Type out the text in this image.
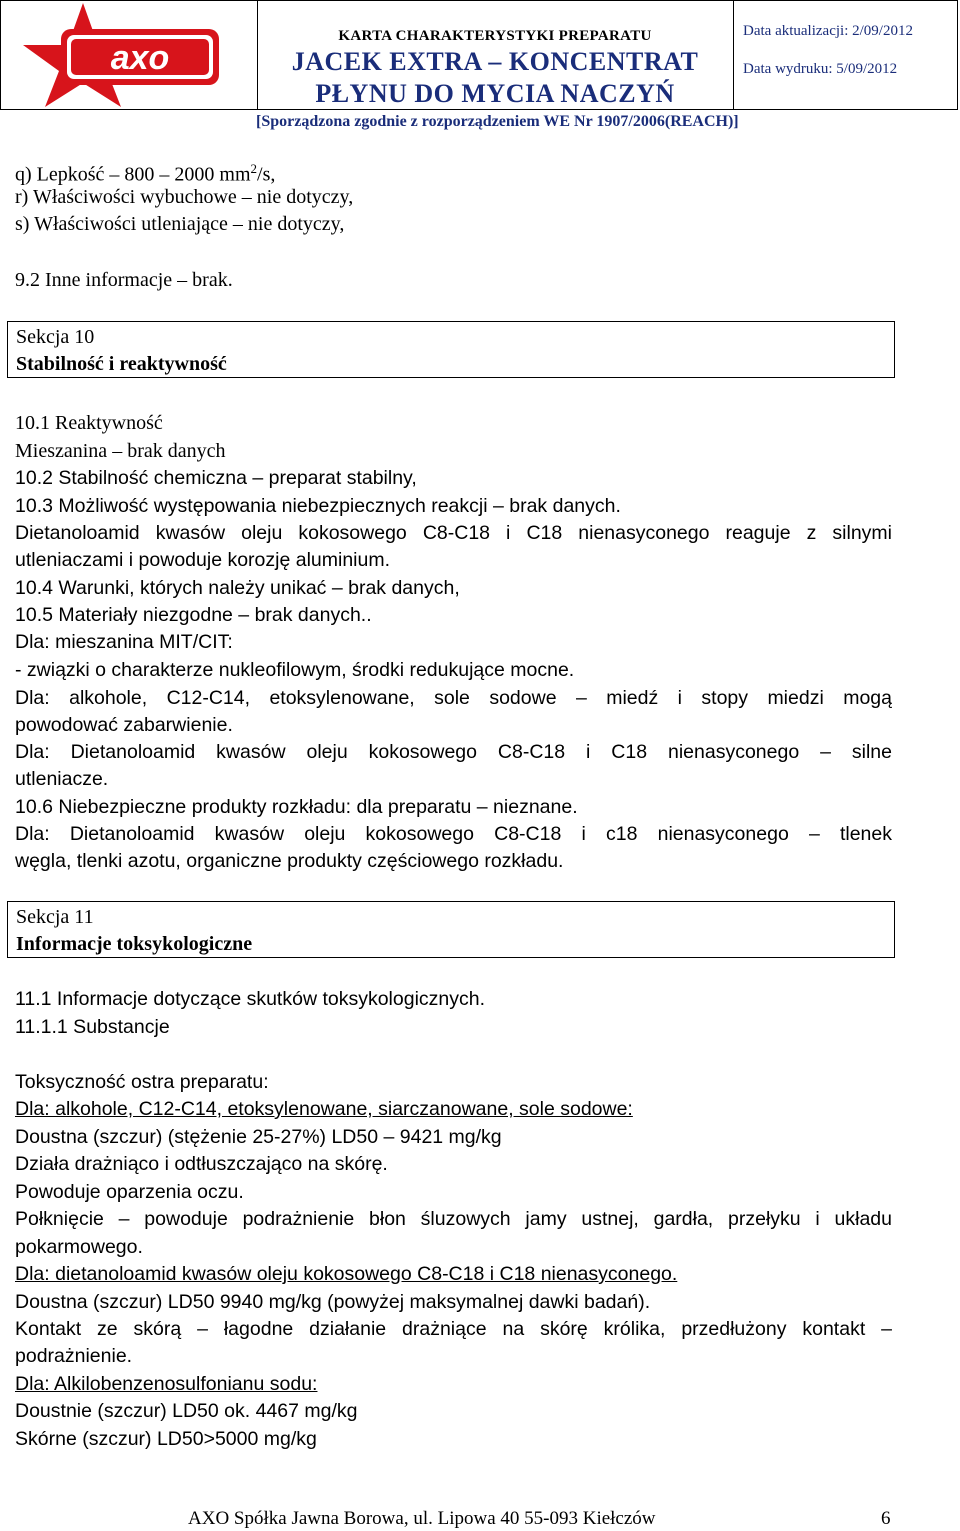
axo
KARTA CHARAKTERYSTYKI PREPARATU
JACEK EXTRA – KONCENTRAT
PŁYNU DO MYCIA NACZYŃ
Data aktualizacji: 2/09/2012
Data wydruku: 5/09/2012
[Sporządzona zgodnie z rozporządzeniem WE Nr 1907/2006(REACH)]
q) Lepkość – 800 – 2000 $mm^2/s$,
r) Właściwości wybuchowe – nie dotyczy,
s) Właściwości utleniające – nie dotyczy,
9.2 Inne informacje – brak.
Sekcja 10
Stabilność i reaktywność
10.1 Reaktywność
Mieszanina – brak danych
10.2 Stabilność chemiczna – preparat stabilny,
10.3 Możliwość występowania niebezpiecznych reakcji – brak danych.
Dietanoloamid kwasów oleju kokosowego C8-C18 i C18 nienasyconego reaguje z silnymi
utleniaczami i powoduje korozję aluminium.
10.4 Warunki, których należy unikać – brak danych,
10.5 Materiały niezgodne – brak danych..
Dla: mieszanina MIT/CIT:
- związki o charakterze nukleofilowym, środki redukujące mocne.
Dla: alkohole, C12-C14, etoksylenowane, sole sodowe – miedź i stopy miedzi mogą
powodować zabarwienie.
Dla: Dietanoloamid kwasów oleju kokosowego C8-C18 i C18 nienasyconego – silne
utleniacze.
10.6 Niebezpieczne produkty rozkładu: dla preparatu – nieznane.
Dla: Dietanoloamid kwasów oleju kokosowego C8-C18 i c18 nienasyconego – tlenek
węgla, tlenki azotu, organiczne produkty częściowego rozkładu.
Sekcja 11
Informacje toksykologiczne
11.1 Informacje dotyczące skutków toksykologicznych.
11.1.1 Substancje
Toksyczność ostra preparatu:
Dla: alkohole, C12-C14, etoksylenowane, siarczanowane, sole sodowe:
Doustna (szczur) (stężenie 25-27%) LD50 – 9421 mg/kg
Działa drażniąco i odtłuszczająco na skórę.
Powoduje oparzenia oczu.
Połknięcie – powoduje podrażnienie błon śluzowych jamy ustnej, gardła, przełyku i układu
pokarmowego.
Dla: dietanoloamid kwasów oleju kokosowego C8-C18 i C18 nienasyconego.
Doustna (szczur) LD50 9940 mg/kg (powyżej maksymalnej dawki badań).
Kontakt ze skórą – łagodne działanie drażniące na skórę królika, przedłużony kontakt –
podrażnienie.
Dla: Alkilobenzenosulfonianu sodu:
Doustnie (szczur) LD50 ok. 4467 mg/kg
Skórne (szczur) LD50>5000 mg/kg
AXO Spółka Jawna Borowa, ul. Lipowa 40 55-093 Kiełczów	6
